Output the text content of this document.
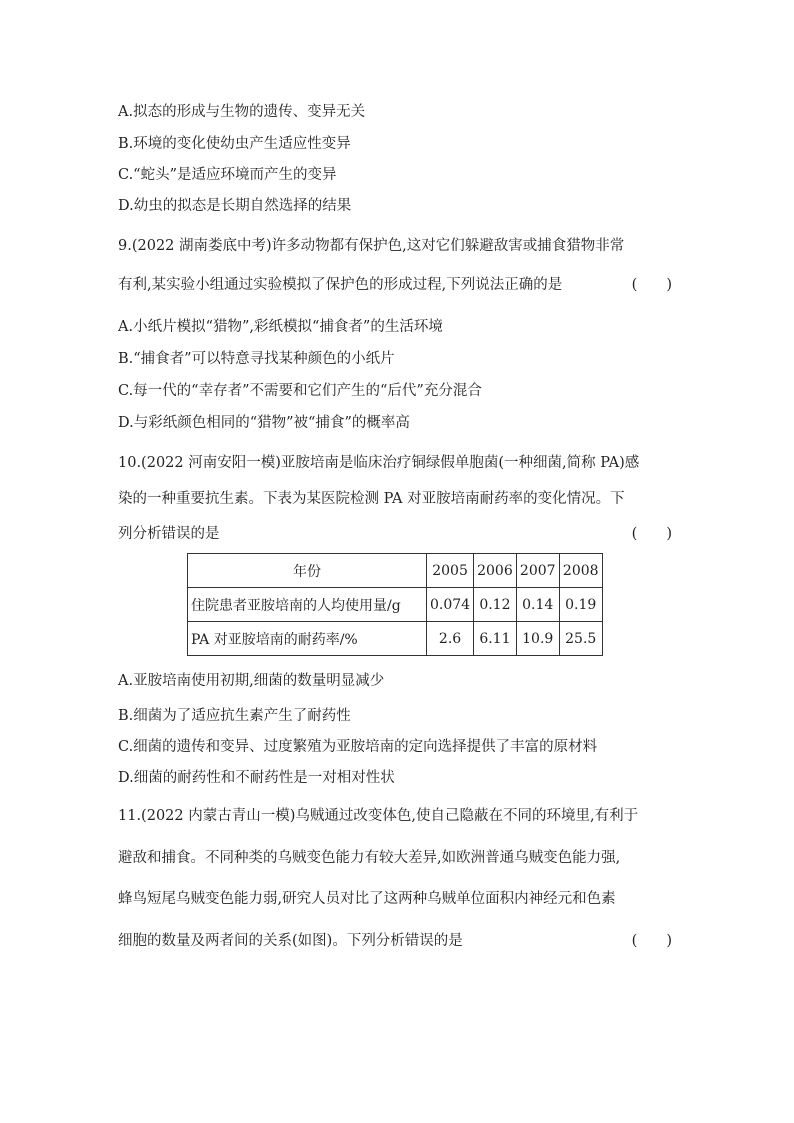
A.拟态的形成与生物的遗传、变异无关
B.环境的变化使幼虫产生适应性变异
C.“蛇头”是适应环境而产生的变异
D.幼虫的拟态是长期自然选择的结果
9.(2022 湖南娄底中考)许多动物都有保护色,这对它们躲避敌害或捕食猎物非常
有利,某实验小组通过实验模拟了保护色的形成过程,下列说法正确的是	(　　)
A.小纸片模拟“猎物”,彩纸模拟“捕食者”的生活环境
B.“捕食者”可以特意寻找某种颜色的小纸片
C.每一代的“幸存者”不需要和它们产生的“后代”充分混合
D.与彩纸颜色相同的“猎物”被“捕食”的概率高
10.(2022 河南安阳一模)亚胺培南是临床治疗铜绿假单胞菌(一种细菌,简称 PA)感
染的一种重要抗生素。下表为某医院检测 PA 对亚胺培南耐药率的变化情况。下
列分析错误的是	(　　)
年份	2005	2006	2007	2008
住院患者亚胺培南的人均使用量/g	0.074	0.12	0.14	0.19
PA 对亚胺培南的耐药率/%	2.6	6.11	10.9	25.5
A.亚胺培南使用初期,细菌的数量明显减少
B.细菌为了适应抗生素产生了耐药性
C.细菌的遗传和变异、过度繁殖为亚胺培南的定向选择提供了丰富的原材料
D.细菌的耐药性和不耐药性是一对相对性状
11.(2022 内蒙古青山一模)乌贼通过改变体色,使自己隐蔽在不同的环境里,有利于
避敌和捕食。不同种类的乌贼变色能力有较大差异,如欧洲普通乌贼变色能力强,
蜂鸟短尾乌贼变色能力弱,研究人员对比了这两种乌贼单位面积内神经元和色素
细胞的数量及两者间的关系(如图)。下列分析错误的是	(　　)
